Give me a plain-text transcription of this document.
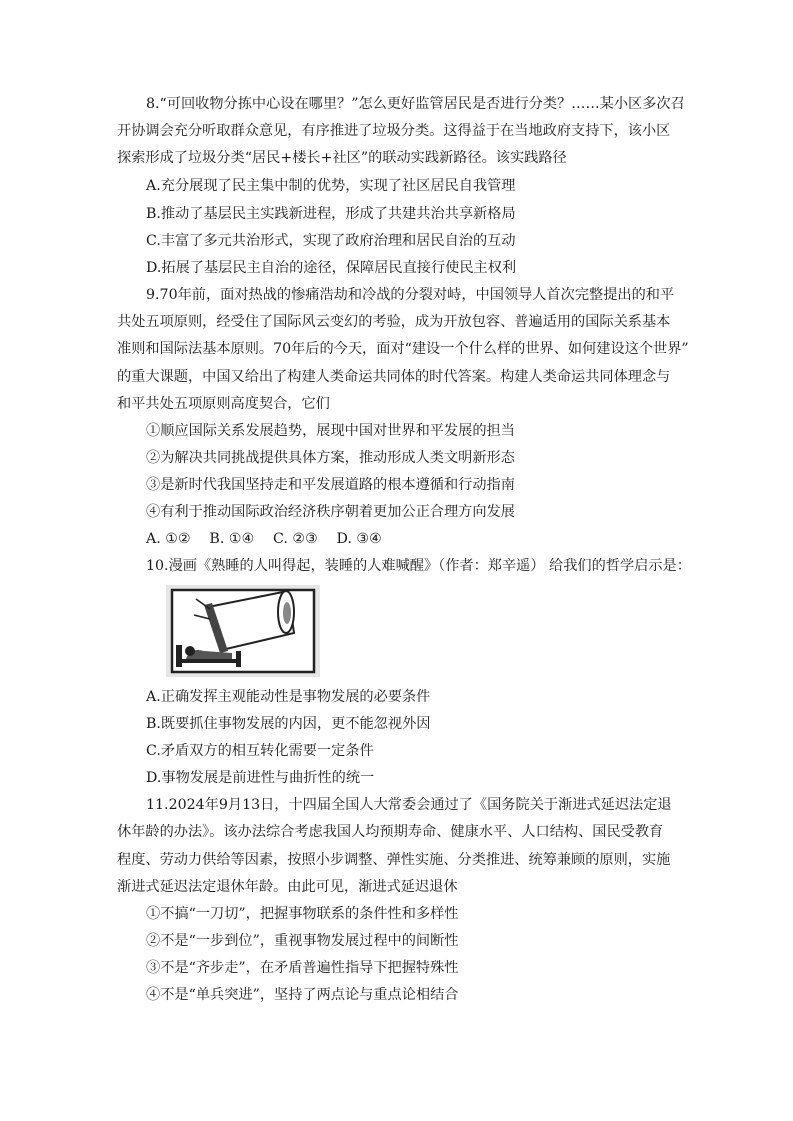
8.“可回收物分拣中心设在哪里？”怎么更好监管居民是否进行分类？……某小区多次召
开协调会充分听取群众意见，有序推进了垃圾分类。这得益于在当地政府支持下，该小区
探索形成了垃圾分类“居民+楼长+社区”的联动实践新路径。该实践路径
A.充分展现了民主集中制的优势，实现了社区居民自我管理
B.推动了基层民主实践新进程，形成了共建共治共享新格局
C.丰富了多元共治形式，实现了政府治理和居民自治的互动
D.拓展了基层民主自治的途径，保障居民直接行使民主权利
9.70年前，面对热战的惨痛浩劫和冷战的分裂对峙，中国领导人首次完整提出的和平
共处五项原则，经受住了国际风云变幻的考验，成为开放包容、普遍适用的国际关系基本
准则和国际法基本原则。70年后的今天，面对“建设一个什么样的世界、如何建设这个世界”
的重大课题，中国又给出了构建人类命运共同体的时代答案。构建人类命运共同体理念与
和平共处五项原则高度契合，它们
①顺应国际关系发展趋势，展现中国对世界和平发展的担当
②为解决共同挑战提供具体方案，推动形成人类文明新形态
③是新时代我国坚持走和平发展道路的根本遵循和行动指南
④有利于推动国际政治经济秩序朝着更加公正合理方向发展
A. ①②　 B. ①④　 C. ②③　 D. ③④
10.漫画《熟睡的人叫得起，装睡的人难喊醒》（作者：郑辛遥） 给我们的哲学启示是：
A.正确发挥主观能动性是事物发展的必要条件
B.既要抓住事物发展的内因，更不能忽视外因
C.矛盾双方的相互转化需要一定条件
D.事物发展是前进性与曲折性的统一
11.2024年9月13日，十四届全国人大常委会通过了《国务院关于渐进式延迟法定退
休年龄的办法》。该办法综合考虑我国人均预期寿命、健康水平、人口结构、国民受教育
程度、劳动力供给等因素，按照小步调整、弹性实施、分类推进、统筹兼顾的原则，实施
渐进式延迟法定退休年龄。由此可见，渐进式延迟退休
①不搞“一刀切”，把握事物联系的条件性和多样性
②不是“一步到位”，重视事物发展过程中的间断性
③不是“齐步走”，在矛盾普遍性指导下把握特殊性
④不是“单兵突进”，坚持了两点论与重点论相结合
